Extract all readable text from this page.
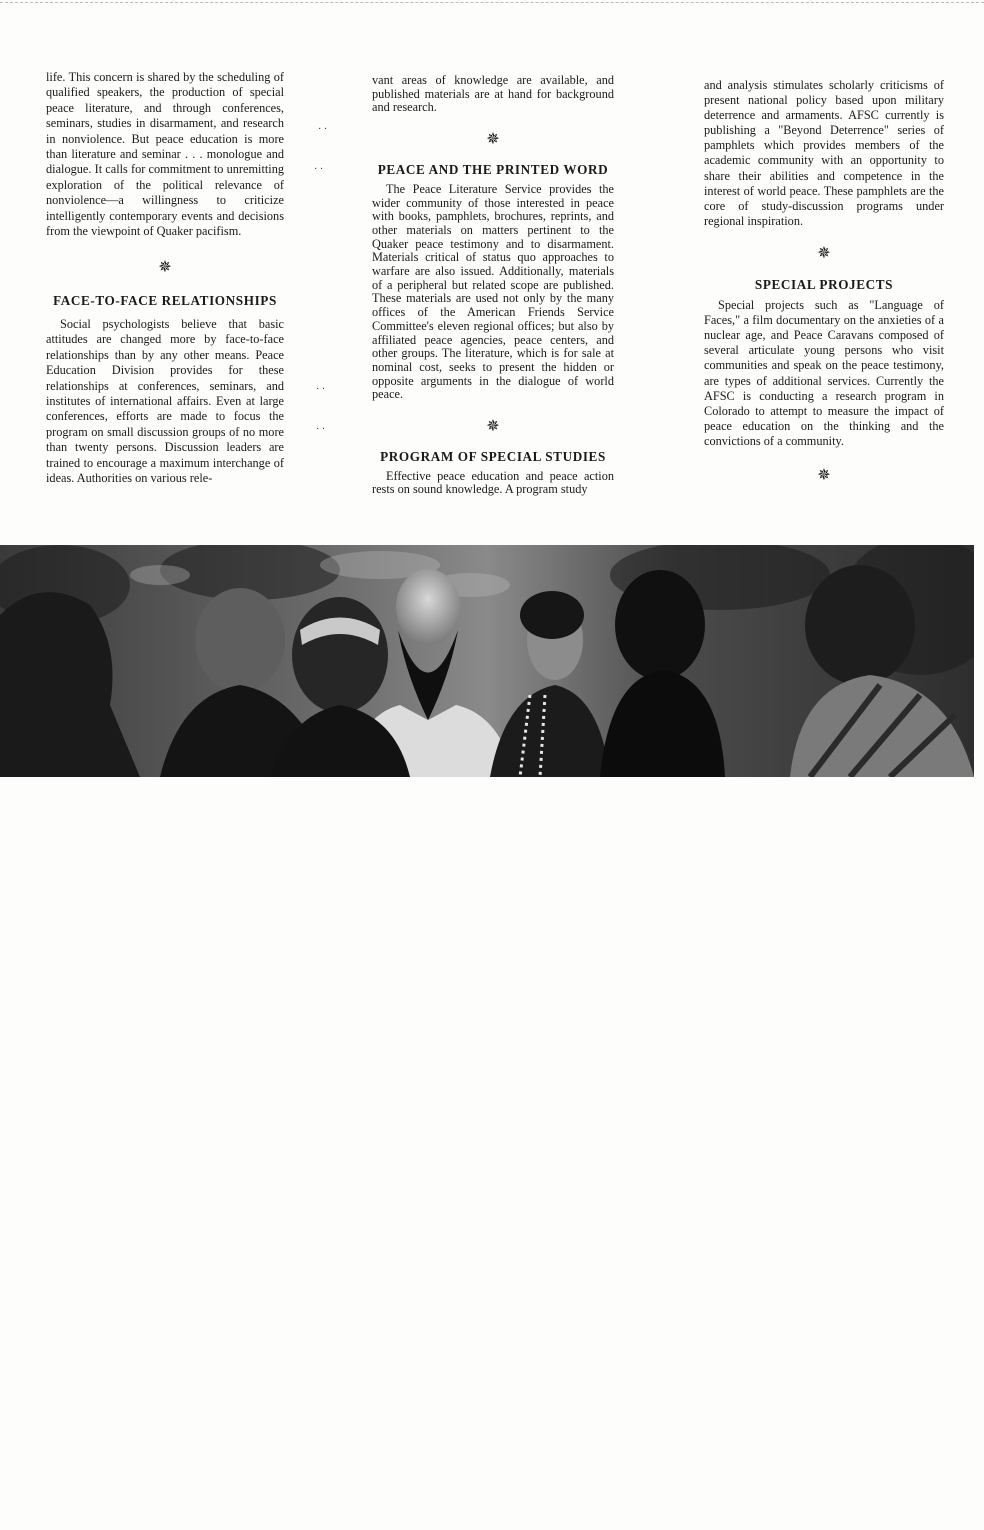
life. This concern is shared by the scheduling of qualified speakers, the production of special peace literature, and through conferences, seminars, studies in disarmament, and research in nonviolence. But peace education is more than literature and seminar . . . monologue and dialogue. It calls for commitment to unremitting exploration of the political relevance of nonviolence—a willingness to criticize intelligently contemporary events and decisions from the viewpoint of Quaker pacifism.

✵

FACE-TO-FACE RELATIONSHIPS

Social psychologists believe that basic attitudes are changed more by face-to-face relationships than by any other means. Peace Education Division provides for these relationships at conferences, seminars, and institutes of international affairs. Even at large conferences, efforts are made to focus the program on small discussion groups of no more than twenty persons. Discussion leaders are trained to encourage a maximum interchange of ideas. Authorities on various rele-

vant areas of knowledge are available, and published materials are at hand for background and research.

✵

PEACE AND THE PRINTED WORD

The Peace Literature Service provides the wider community of those interested in peace with books, pamphlets, brochures, reprints, and other materials on matters pertinent to the Quaker peace testimony and to disarmament. Materials critical of status quo approaches to warfare are also issued. Additionally, materials of a peripheral but related scope are published. These materials are used not only by the many offices of the American Friends Service Committee's eleven regional offices; but also by affiliated peace agencies, peace centers, and other groups. The literature, which is for sale at nominal cost, seeks to present the hidden or opposite arguments in the dialogue of world peace.

✵

PROGRAM OF SPECIAL STUDIES

Effective peace education and peace action rests on sound knowledge. A program study

and analysis stimulates scholarly criticisms of present national policy based upon military deterrence and armaments. AFSC currently is publishing a "Beyond Deterrence" series of pamphlets which provides members of the academic community with an opportunity to share their abilities and competence in the interest of world peace. These pamphlets are the core of study-discussion programs under regional inspiration.

✵

SPECIAL PROJECTS

Special projects such as "Language of Faces," a film documentary on the anxieties of a nuclear age, and Peace Caravans composed of several articulate young persons who visit communities and speak on the peace testimony, are types of additional services. Currently the AFSC is conducting a research program in Colorado to attempt to measure the impact of peace education on the thinking and the convictions of a community.

✵
· ·
· ·
· ·
· ·
